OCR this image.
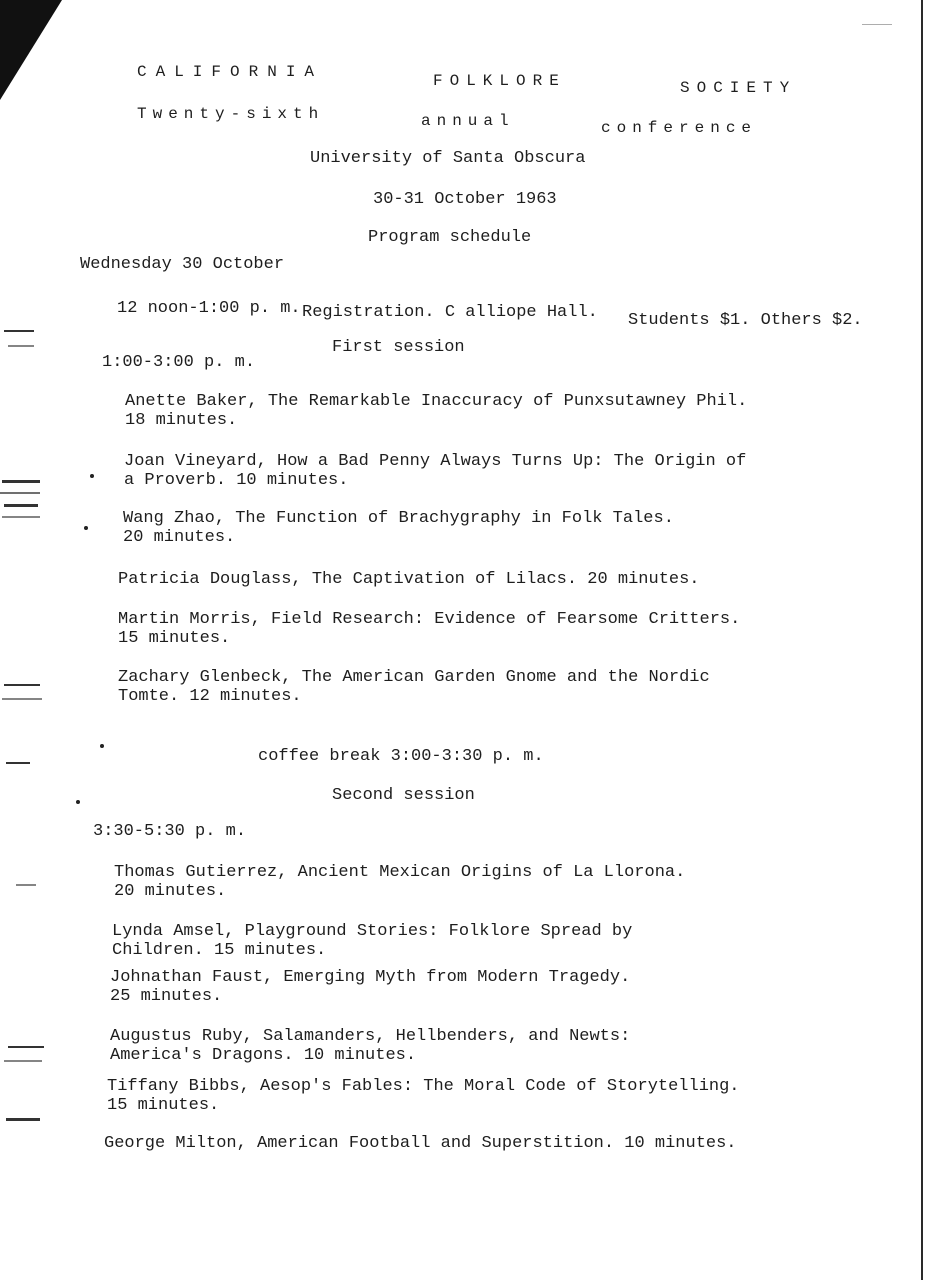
CALIFORNIA	FOLKLORE	SOCIETY
Twenty-sixth	annual	conference
University of Santa Obscura
30-31 October 1963
Program schedule
Wednesday 30 October
12 noon-1:00 p. m. Registration. C alliope Hall. Students $1. Others $2.
First session
1:00-3:00 p. m.
Anette Baker, The Remarkable Inaccuracy of Punxsutawney Phil.
18 minutes.
Joan Vineyard, How a Bad Penny Always Turns Up: The Origin of
a Proverb. 10 minutes.
Wang Zhao, The Function of Brachygraphy in Folk Tales.
20 minutes.
Patricia Douglass, The Captivation of Lilacs. 20 minutes.
Martin Morris, Field Research: Evidence of Fearsome Critters.
15 minutes.
Zachary Glenbeck, The American Garden Gnome and the Nordic
Tomte. 12 minutes.
coffee break 3:00-3:30 p. m.
Second session
3:30-5:30 p. m.
Thomas Gutierrez, Ancient Mexican Origins of La Llorona.
20 minutes.
Lynda Amsel, Playground Stories: Folklore Spread by
Children. 15 minutes.
Johnathan Faust, Emerging Myth from Modern Tragedy.
25 minutes.
Augustus Ruby, Salamanders, Hellbenders, and Newts:
America's Dragons. 10 minutes.
Tiffany Bibbs, Aesop's Fables: The Moral Code of Storytelling.
15 minutes.
George Milton, American Football and Superstition. 10 minutes.
